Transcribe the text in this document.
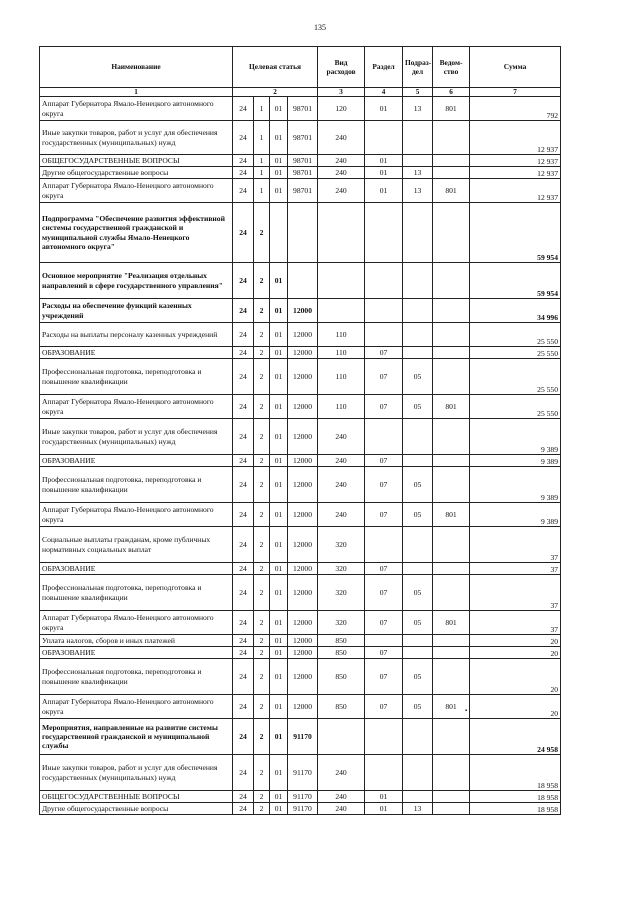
135
Наименование	Целевая статья				Вид расходов	Раздел	Подраз-дел	Ведом-ство	Сумма
1	2				3	4	5	6	7
Аппарат Губернатора Ямало-Ненецкого автономного округа	24	1	01	98701	120	01	13	801	792
Иные закупки товаров, работ и услуг для обеспечения государственных (муниципальных) нужд	24	1	01	98701	240				12 937
ОБЩЕГОСУДАРСТВЕННЫЕ ВОПРОСЫ	24	1	01	98701	240	01			12 937
Другие общегосударственные вопросы	24	1	01	98701	240	01	13		12 937
Аппарат Губернатора Ямало-Ненецкого автономного округа	24	1	01	98701	240	01	13	801	12 937
Подпрограмма "Обеспечение развития эффективной системы государственной гражданской и муниципальной службы Ямало-Ненецкого автономного округа"	24	2							59 954
Основное мероприятие "Реализация отдельных направлений в сфере государственного управления"	24	2	01						59 954
Расходы на обеспечение функций казенных учреждений	24	2	01	12000					34 996
Расходы на выплаты персоналу казенных учреждений	24	2	01	12000	110				25 550
ОБРАЗОВАНИЕ	24	2	01	12000	110	07			25 550
Профессиональная подготовка, переподготовка и повышение квалификации	24	2	01	12000	110	07	05		25 550
Аппарат Губернатора Ямало-Ненецкого автономного округа	24	2	01	12000	110	07	05	801	25 550
Иные закупки товаров, работ и услуг для обеспечения государственных (муниципальных) нужд	24	2	01	12000	240				9 389
ОБРАЗОВАНИЕ	24	2	01	12000	240	07			9 389
Профессиональная подготовка, переподготовка и повышение квалификации	24	2	01	12000	240	07	05		9 389
Аппарат Губернатора Ямало-Ненецкого автономного округа	24	2	01	12000	240	07	05	801	9 389
Социальные выплаты гражданам, кроме публичных нормативных социальных выплат	24	2	01	12000	320				37
ОБРАЗОВАНИЕ	24	2	01	12000	320	07			37
Профессиональная подготовка, переподготовка и повышение квалификации	24	2	01	12000	320	07	05		37
Аппарат Губернатора Ямало-Ненецкого автономного округа	24	2	01	12000	320	07	05	801	37
Уплата налогов, сборов и иных платежей	24	2	01	12000	850				20
ОБРАЗОВАНИЕ	24	2	01	12000	850	07			20
Профессиональная подготовка, переподготовка и повышение квалификации	24	2	01	12000	850	07	05		20
Аппарат Губернатора Ямало-Ненецкого автономного округа	24	2	01	12000	850	07	05	801	20
Мероприятия, направленные на развитие системы государственной гражданской и муниципальной службы	24	2	01	91170					24 958
Иные закупки товаров, работ и услуг для обеспечения государственных (муниципальных) нужд	24	2	01	91170	240				18 958
ОБЩЕГОСУДАРСТВЕННЫЕ ВОПРОСЫ	24	2	01	91170	240	01			18 958
Другие общегосударственные вопросы	24	2	01	91170	240	01	13		18 958
▪
